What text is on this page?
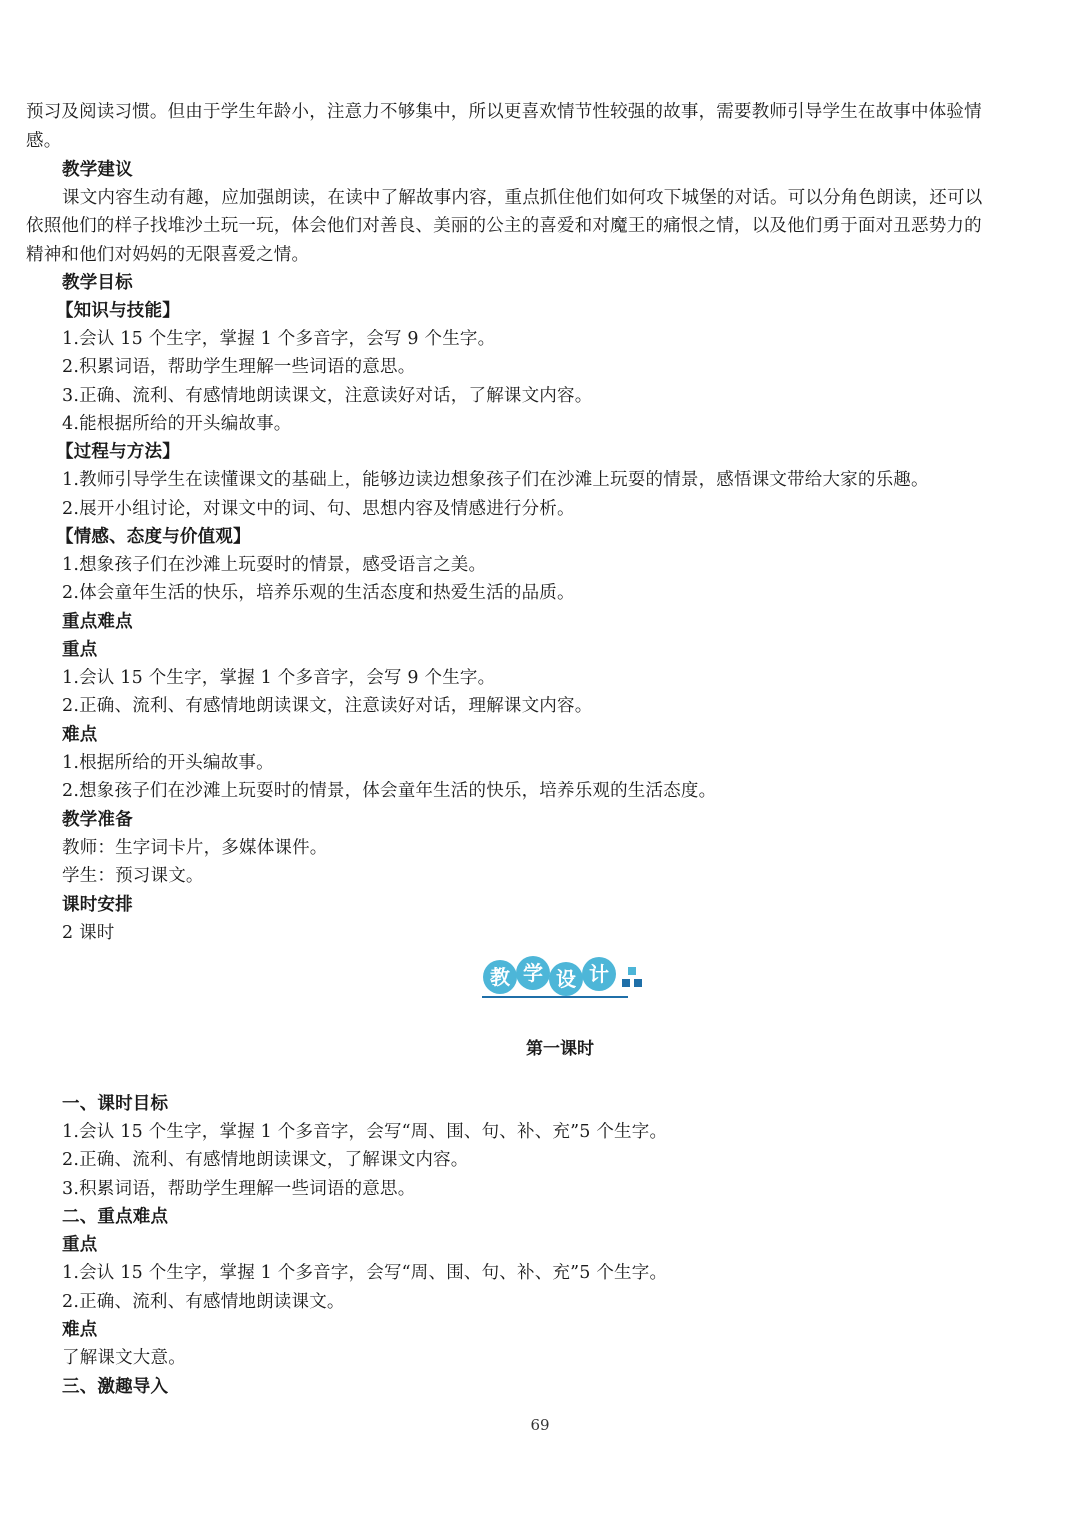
预习及阅读习惯。但由于学生年龄小，注意力不够集中，所以更喜欢情节性较强的故事，需要教师引导学生在故事中体验情
感。
教学建议
课文内容生动有趣，应加强朗读，在读中了解故事内容，重点抓住他们如何攻下城堡的对话。可以分角色朗读，还可以
依照他们的样子找堆沙土玩一玩，体会他们对善良、美丽的公主的喜爱和对魔王的痛恨之情，以及他们勇于面对丑恶势力的
精神和他们对妈妈的无限喜爱之情。
教学目标
【知识与技能】
1.会认 15 个生字，掌握 1 个多音字，会写 9 个生字。
2.积累词语，帮助学生理解一些词语的意思。
3.正确、流利、有感情地朗读课文，注意读好对话，了解课文内容。
4.能根据所给的开头编故事。
【过程与方法】
1.教师引导学生在读懂课文的基础上，能够边读边想象孩子们在沙滩上玩耍的情景，感悟课文带给大家的乐趣。
2.展开小组讨论，对课文中的词、句、思想内容及情感进行分析。
【情感、态度与价值观】
1.想象孩子们在沙滩上玩耍时的情景，感受语言之美。
2.体会童年生活的快乐，培养乐观的生活态度和热爱生活的品质。
重点难点
重点
1.会认 15 个生字，掌握 1 个多音字，会写 9 个生字。
2.正确、流利、有感情地朗读课文，注意读好对话，理解课文内容。
难点
1.根据所给的开头编故事。
2.想象孩子们在沙滩上玩耍时的情景，体会童年生活的快乐，培养乐观的生活态度。
教学准备
教师：生字词卡片，多媒体课件。
学生：预习课文。
课时安排
2 课时
教 学 设 计
第一课时
一、课时目标
1.会认 15 个生字，掌握 1 个多音字，会写“周、围、句、补、充”5 个生字。
2.正确、流利、有感情地朗读课文，了解课文内容。
3.积累词语，帮助学生理解一些词语的意思。
二、重点难点
重点
1.会认 15 个生字，掌握 1 个多音字，会写“周、围、句、补、充”5 个生字。
2.正确、流利、有感情地朗读课文。
难点
了解课文大意。
三、激趣导入
69
